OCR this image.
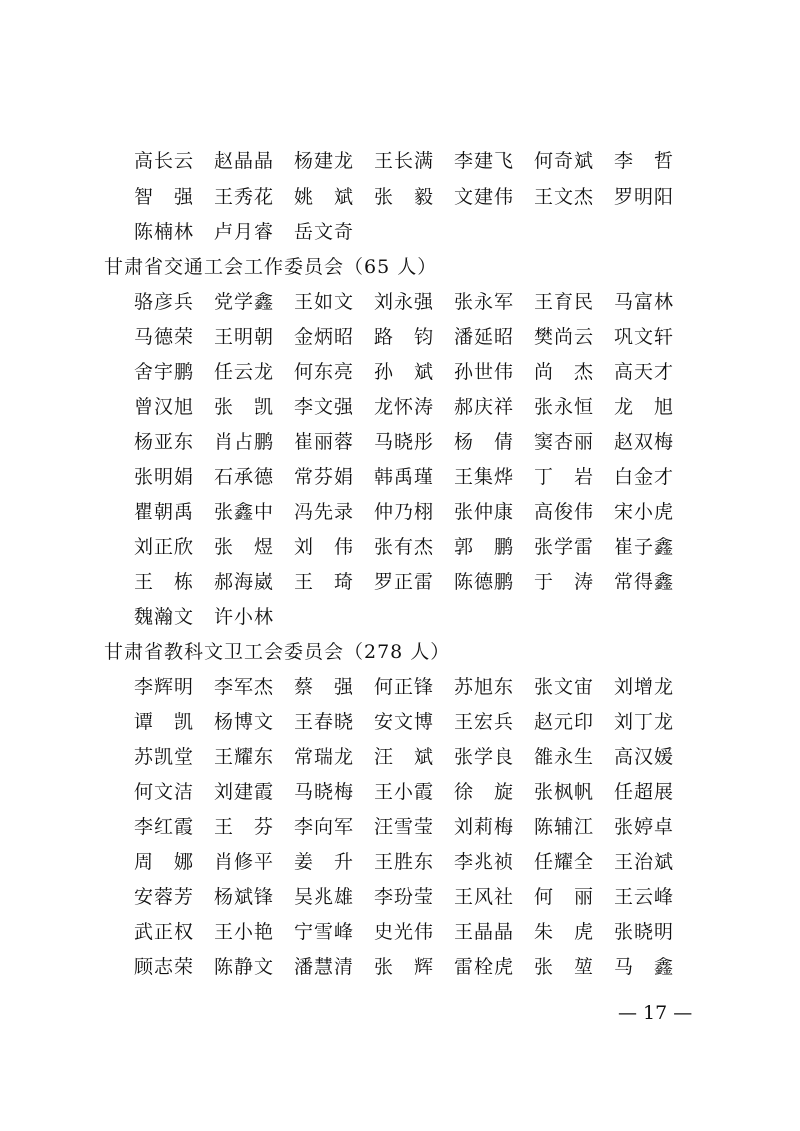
高长云	赵晶晶	杨建龙	王长满	李建飞	何奇斌	李　哲
智　强	王秀花	姚　斌	张　毅	文建伟	王文杰	罗明阳
陈楠林	卢月睿	岳文奇
甘肃省交通工会工作委员会（65 人）
骆彦兵	党学鑫	王如文	刘永强	张永军	王育民	马富林
马德荣	王明朝	金炳昭	路　钧	潘延昭	樊尚云	巩文轩
舍宇鹏	任云龙	何东亮	孙　斌	孙世伟	尚　杰	高天才
曾汉旭	张　凯	李文强	龙怀涛	郝庆祥	张永恒	龙　旭
杨亚东	肖占鹏	崔丽蓉	马晓彤	杨　倩	窦杏丽	赵双梅
张明娟	石承德	常芬娟	韩禹瑾	王集烨	丁　岩	白金才
瞿朝禹	张鑫中	冯先录	仲乃栩	张仲康	高俊伟	宋小虎
刘正欣	张　煜	刘　伟	张有杰	郭　鹏	张学雷	崔子鑫
王　栋	郝海崴	王　琦	罗正雷	陈德鹏	于　涛	常得鑫
魏瀚文	许小林
甘肃省教科文卫工会委员会（278 人）
李辉明	李军杰	蔡　强	何正锋	苏旭东	张文宙	刘增龙
谭　凯	杨博文	王春晓	安文博	王宏兵	赵元印	刘丁龙
苏凯堂	王耀东	常瑞龙	汪　斌	张学良	雒永生	高汉媛
何文洁	刘建霞	马晓梅	王小霞	徐　旋	张枫帆	任超展
李红霞	王　芬	李向军	汪雪莹	刘莉梅	陈辅江	张婷卓
周　娜	肖修平	姜　升	王胜东	李兆祯	任耀全	王治斌
安蓉芳	杨斌锋	吴兆雄	李玢莹	王风社	何　丽	王云峰
武正权	王小艳	宁雪峰	史光伟	王晶晶	朱　虎	张晓明
顾志荣	陈静文	潘慧清	张　辉	雷栓虎	张　堃	马　鑫
— 17 —
